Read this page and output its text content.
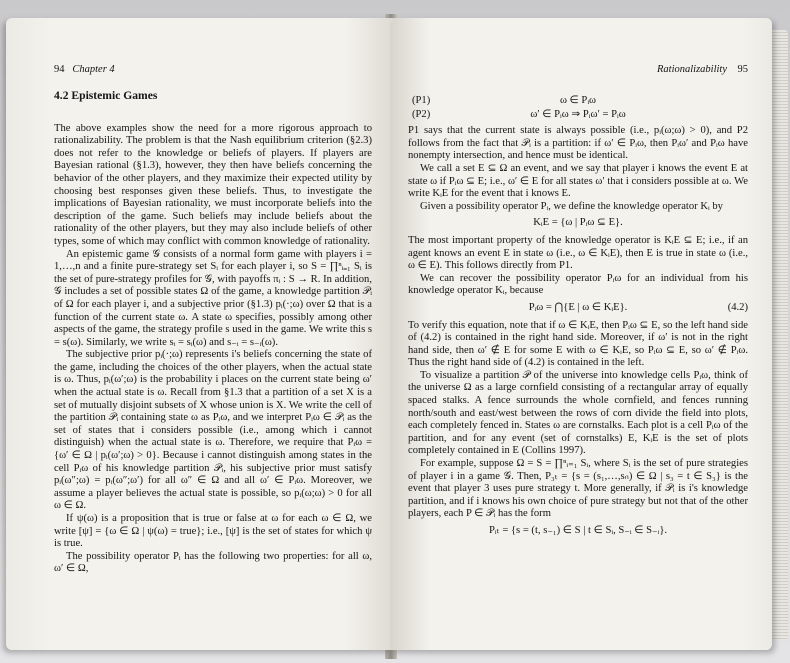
94 Chapter 4
4.2 Epistemic Games

The above examples show the need for a more rigorous approach to rationalizability. The problem is that the Nash equilibrium criterion (§2.3) does not refer to the knowledge or beliefs of players. If players are Bayesian rational (§1.3), however, they then have beliefs concerning the behavior of the other players, and they maximize their expected utility by choosing best responses given these beliefs. Thus, to investigate the implications of Bayesian rationality, we must incorporate beliefs into the description of the game. Such beliefs may include beliefs about the rationality of the other players, but they may also include beliefs of other types, some of which may conflict with common knowledge of rationality.

An epistemic game 𝒢 consists of a normal form game with players i = 1,…,n and a finite pure-strategy set Sᵢ for each player i, so S = ∏ⁿᵢ₌₁ Sᵢ is the set of pure-strategy profiles for 𝒢, with payoffs πᵢ : S → R. In addition, 𝒢 includes a set of possible states Ω of the game, a knowledge partition 𝒫ᵢ of Ω for each player i, and a subjective prior (§1.3) pᵢ(·;ω) over Ω that is a function of the current state ω. A state ω specifies, possibly among other aspects of the game, the strategy profile s used in the game. We write this s = s(ω). Similarly, we write sᵢ = sᵢ(ω) and s₋ᵢ = s₋ᵢ(ω).

The subjective prior pᵢ(·;ω) represents i's beliefs concerning the state of the game, including the choices of the other players, when the actual state is ω. Thus, pᵢ(ω′;ω) is the probability i places on the current state being ω′ when the actual state is ω. Recall from §1.3 that a partition of a set X is a set of mutually disjoint subsets of X whose union is X. We write the cell of the partition 𝒫ᵢ containing state ω as Pᵢω, and we interpret Pᵢω ∈ 𝒫ᵢ as the set of states that i considers possible (i.e., among which i cannot distinguish) when the actual state is ω. Therefore, we require that Pᵢω = {ω′ ∈ Ω | pᵢ(ω′;ω) > 0}. Because i cannot distinguish among states in the cell Pᵢω of his knowledge partition 𝒫ᵢ, his subjective prior must satisfy pᵢ(ω″;ω) = pᵢ(ω″;ω′) for all ω″ ∈ Ω and all ω′ ∈ Pᵢω. Moreover, we assume a player believes the actual state is possible, so pᵢ(ω;ω) > 0 for all ω ∈ Ω.

If ψ(ω) is a proposition that is true or false at ω for each ω ∈ Ω, we write [ψ] = {ω ∈ Ω | ψ(ω) = true}; i.e., [ψ] is the set of states for which ψ is true.

The possibility operator Pᵢ has the following two properties: for all ω, ω′ ∈ Ω,

Rationalizability 95
(P1)	ω ∈ Pᵢω
(P2)	ω′ ∈ Pᵢω ⇒ Pᵢω′ = Pᵢω

P1 says that the current state is always possible (i.e., pᵢ(ω;ω) > 0), and P2 follows from the fact that 𝒫ᵢ is a partition: if ω′ ∈ Pᵢω, then Pᵢω′ and Pᵢω have nonempty intersection, and hence must be identical.

We call a set E ⊆ Ω an event, and we say that player i knows the event E at state ω if Pᵢω ⊆ E; i.e., ω′ ∈ E for all states ω′ that i considers possible at ω. We write KᵢE for the event that i knows E.

Given a possibility operator Pᵢ, we define the knowledge operator Kᵢ by

KᵢE = {ω | Pᵢω ⊆ E}.

The most important property of the knowledge operator is KᵢE ⊆ E; i.e., if an agent knows an event E in state ω (i.e., ω ∈ KᵢE), then E is true in state ω (i.e., ω ∈ E). This follows directly from P1.

We can recover the possibility operator Pᵢω for an individual from his knowledge operator Kᵢ, because

Pᵢω = ⋂{E | ω ∈ KᵢE}.	(4.2)

To verify this equation, note that if ω ∈ KᵢE, then Pᵢω ⊆ E, so the left hand side of (4.2) is contained in the right hand side. Moreover, if ω′ is not in the right hand side, then ω′ ∉ E for some E with ω ∈ KᵢE, so Pᵢω ⊆ E, so ω′ ∉ Pᵢω. Thus the right hand side of (4.2) is contained in the left.

To visualize a partition 𝒫 of the universe into knowledge cells Pᵢω, think of the universe Ω as a large cornfield consisting of a rectangular array of equally spaced stalks. A fence surrounds the whole cornfield, and fences running north/south and east/west between the rows of corn divide the field into plots, each completely fenced in. States ω are cornstalks. Each plot is a cell Pᵢω of the partition, and for any event (set of cornstalks) E, KᵢE is the set of plots completely contained in E (Collins 1997).

For example, suppose Ω = S = ∏ⁿᵢ₌₁ Sᵢ, where Sᵢ is the set of pure strategies of player i in a game 𝒢. Then, P₃ₜ = {s = (s₁,…,sₙ) ∈ Ω | s₃ = t ∈ S₃} is the event that player 3 uses pure strategy t. More generally, if 𝒫ᵢ is i's knowledge partition, and if i knows his own choice of pure strategy but not that of the other players, each P ∈ 𝒫ᵢ has the form

Pᵢₜ = {s = (t, s₋₁) ∈ S | t ∈ Sᵢ, S₋ᵢ ∈ S₋ᵢ}.
